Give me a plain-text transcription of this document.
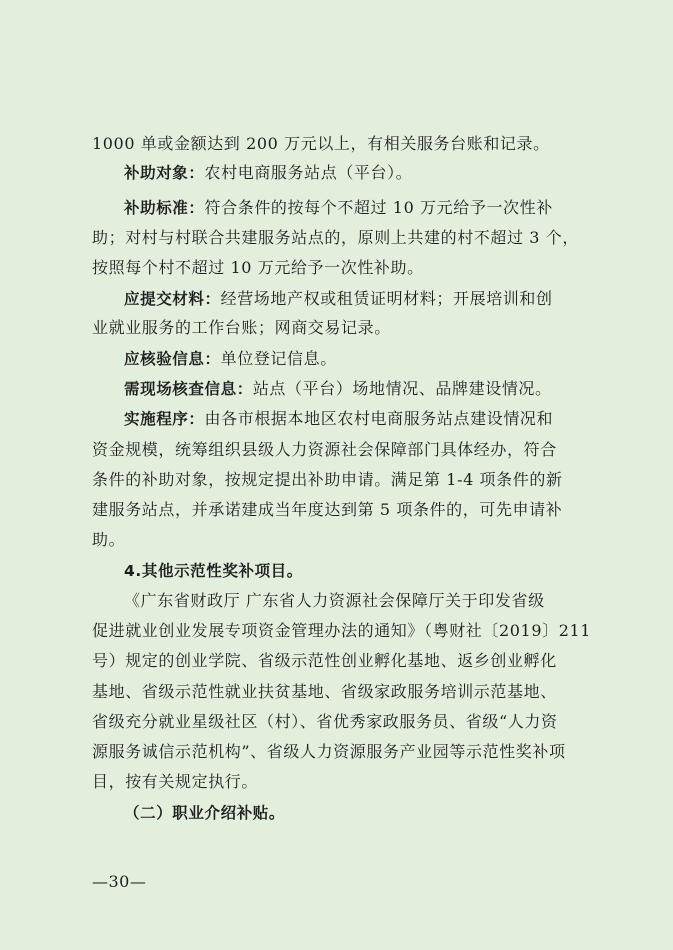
1000 单或金额达到 200 万元以上，有相关服务台账和记录。
补助对象：农村电商服务站点（平台）。
补助标准：符合条件的按每个不超过 10 万元给予一次性补
助；对村与村联合共建服务站点的，原则上共建的村不超过 3 个，
按照每个村不超过 10 万元给予一次性补助。
应提交材料：经营场地产权或租赁证明材料；开展培训和创
业就业服务的工作台账；网商交易记录。
应核验信息：单位登记信息。
需现场核查信息：站点（平台）场地情况、品牌建设情况。
实施程序：由各市根据本地区农村电商服务站点建设情况和
资金规模，统筹组织县级人力资源社会保障部门具体经办，符合
条件的补助对象，按规定提出补助申请。满足第 1-4 项条件的新
建服务站点，并承诺建成当年度达到第 5 项条件的，可先申请补
助。
4.其他示范性奖补项目。
《广东省财政厅 广东省人力资源社会保障厅关于印发省级
促进就业创业发展专项资金管理办法的通知》（粤财社〔2019〕211
号）规定的创业学院、省级示范性创业孵化基地、返乡创业孵化
基地、省级示范性就业扶贫基地、省级家政服务培训示范基地、
省级充分就业星级社区（村）、省优秀家政服务员、省级“人力资
源服务诚信示范机构”、省级人力资源服务产业园等示范性奖补项
目，按有关规定执行。
（二）职业介绍补贴。
—30—
